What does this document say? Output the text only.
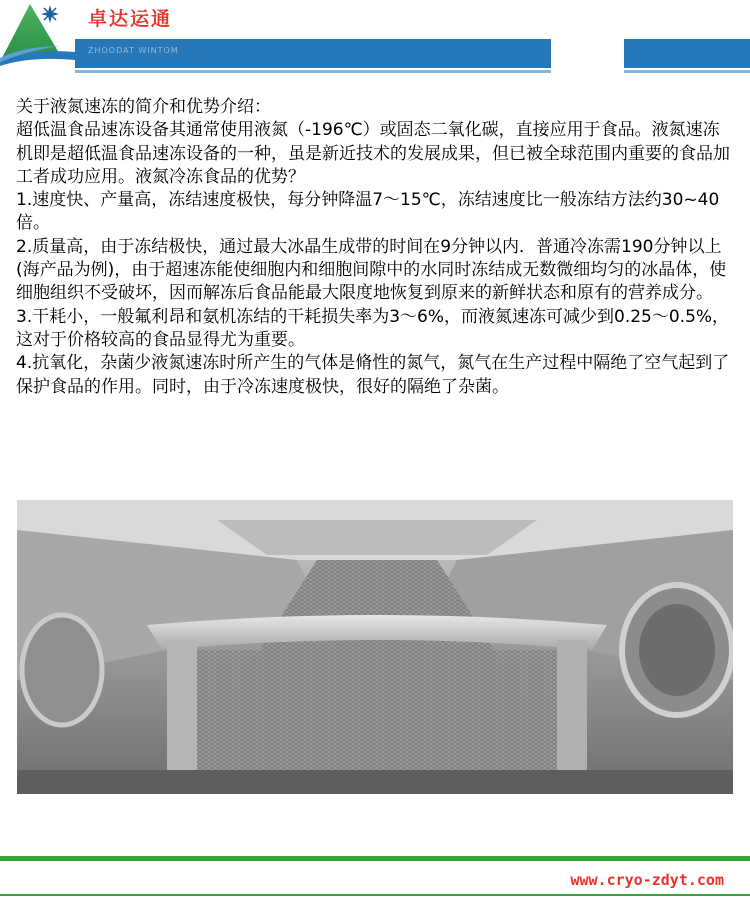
卓达运通
ZHOODAT WINTOM

关于液氮速冻的简介和优势介绍：

超低温食品速冻设备其通常使用液氮（-196℃）或固态二氧化碳，直接应用于食品。液氮速冻机即是超低温食品速冻设备的一种，虽是新近技术的发展成果，但已被全球范围内重要的食品加工者成功应用。液氮冷冻食品的优势？

1.速度快、产量高，冻结速度极快，每分钟降温7～15℃，冻结速度比一般冻结方法约30~40倍。

2.质量高，由于冻结极快，通过最大冰晶生成带的时间在9分钟以内．普通冷冻需190分钟以上(海产品为例)，由于超速冻能使细胞内和细胞间隙中的水同时冻结成无数微细均匀的冰晶体，使细胞组织不受破坏，因而解冻后食品能最大限度地恢复到原来的新鲜状态和原有的营养成分。

3.干耗小，一般氟利昂和氨机冻结的干耗损失率为3～6%，而液氮速冻可减少到0.25～0.5%，这对于价格较高的食品显得尤为重要。

4.抗氧化，杂菌少液氮速冻时所产生的气体是脩性的氮气，氮气在生产过程中隔绝了空气起到了保护食品的作用。同时，由于冷冻速度极快，很好的隔绝了杂菌。

www.cryo-zdyt.com
